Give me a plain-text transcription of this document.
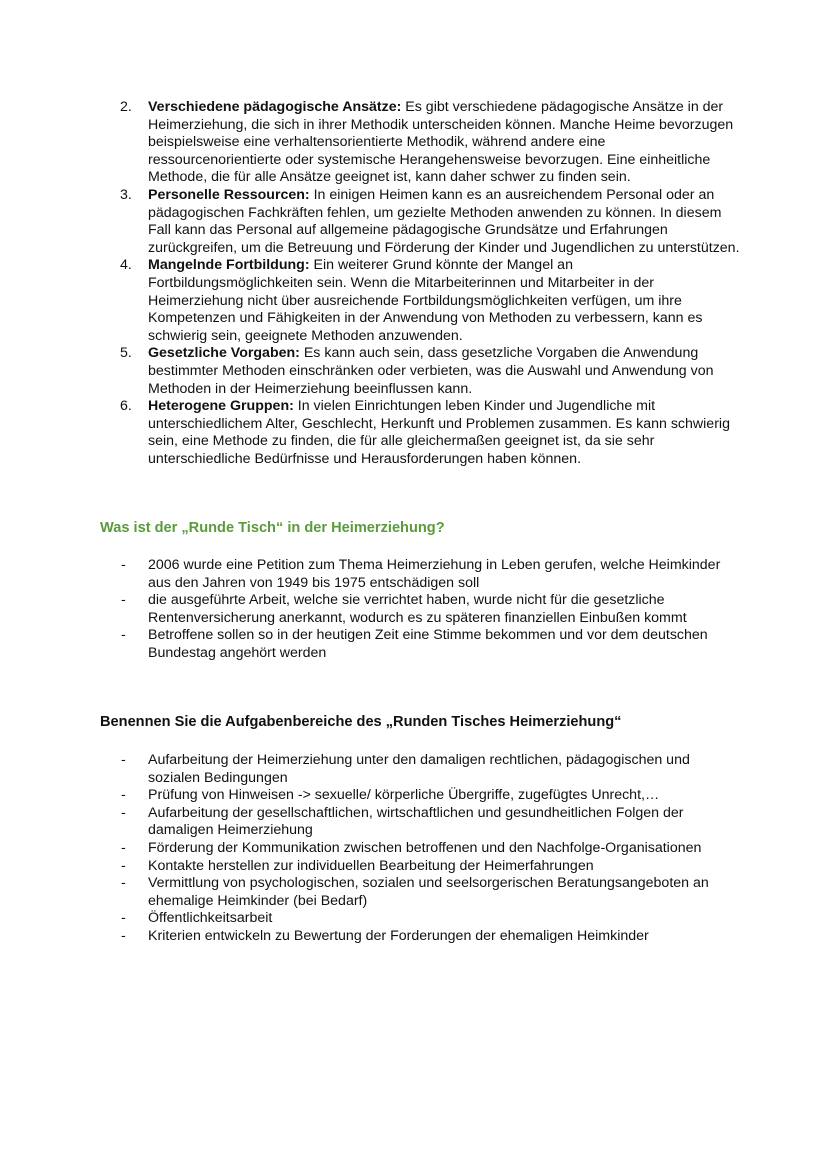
2.	Verschiedene pädagogische Ansätze: Es gibt verschiedene pädagogische Ansätze in der Heimerziehung, die sich in ihrer Methodik unterscheiden können. Manche Heime bevorzugen beispielsweise eine verhaltensorientierte Methodik, während andere eine ressourcenorientierte oder systemische Herangehensweise bevorzugen. Eine einheitliche Methode, die für alle Ansätze geeignet ist, kann daher schwer zu finden sein.
3.	Personelle Ressourcen: In einigen Heimen kann es an ausreichendem Personal oder an pädagogischen Fachkräften fehlen, um gezielte Methoden anwenden zu können. In diesem Fall kann das Personal auf allgemeine pädagogische Grundsätze und Erfahrungen zurückgreifen, um die Betreuung und Förderung der Kinder und Jugendlichen zu unterstützen.
4.	Mangelnde Fortbildung: Ein weiterer Grund könnte der Mangel an Fortbildungsmöglichkeiten sein. Wenn die Mitarbeiterinnen und Mitarbeiter in der Heimerziehung nicht über ausreichende Fortbildungsmöglichkeiten verfügen, um ihre Kompetenzen und Fähigkeiten in der Anwendung von Methoden zu verbessern, kann es schwierig sein, geeignete Methoden anzuwenden.
5.	Gesetzliche Vorgaben: Es kann auch sein, dass gesetzliche Vorgaben die Anwendung bestimmter Methoden einschränken oder verbieten, was die Auswahl und Anwendung von Methoden in der Heimerziehung beeinflussen kann.
6.	Heterogene Gruppen: In vielen Einrichtungen leben Kinder und Jugendliche mit unterschiedlichem Alter, Geschlecht, Herkunft und Problemen zusammen. Es kann schwierig sein, eine Methode zu finden, die für alle gleichermaßen geeignet ist, da sie sehr unterschiedliche Bedürfnisse und Herausforderungen haben können.
Was ist der „Runde Tisch“ in der Heimerziehung?
- 2006 wurde eine Petition zum Thema Heimerziehung in Leben gerufen, welche Heimkinder aus den Jahren von 1949 bis 1975 entschädigen soll
- die ausgeführte Arbeit, welche sie verrichtet haben, wurde nicht für die gesetzliche Rentenversicherung anerkannt, wodurch es zu späteren finanziellen Einbußen kommt
- Betroffene sollen so in der heutigen Zeit eine Stimme bekommen und vor dem deutschen Bundestag angehört werden
Benennen Sie die Aufgabenbereiche des „Runden Tisches Heimerziehung“
- Aufarbeitung der Heimerziehung unter den damaligen rechtlichen, pädagogischen und sozialen Bedingungen
- Prüfung von Hinweisen -> sexuelle/ körperliche Übergriffe, zugefügtes Unrecht,…
- Aufarbeitung der gesellschaftlichen, wirtschaftlichen und gesundheitlichen Folgen der damaligen Heimerziehung
- Förderung der Kommunikation zwischen betroffenen und den Nachfolge-Organisationen
- Kontakte herstellen zur individuellen Bearbeitung der Heimerfahrungen
- Vermittlung von psychologischen, sozialen und seelsorgerischen Beratungsangeboten an ehemalige Heimkinder (bei Bedarf)
- Öffentlichkeitsarbeit
- Kriterien entwickeln zu Bewertung der Forderungen der ehemaligen Heimkinder
